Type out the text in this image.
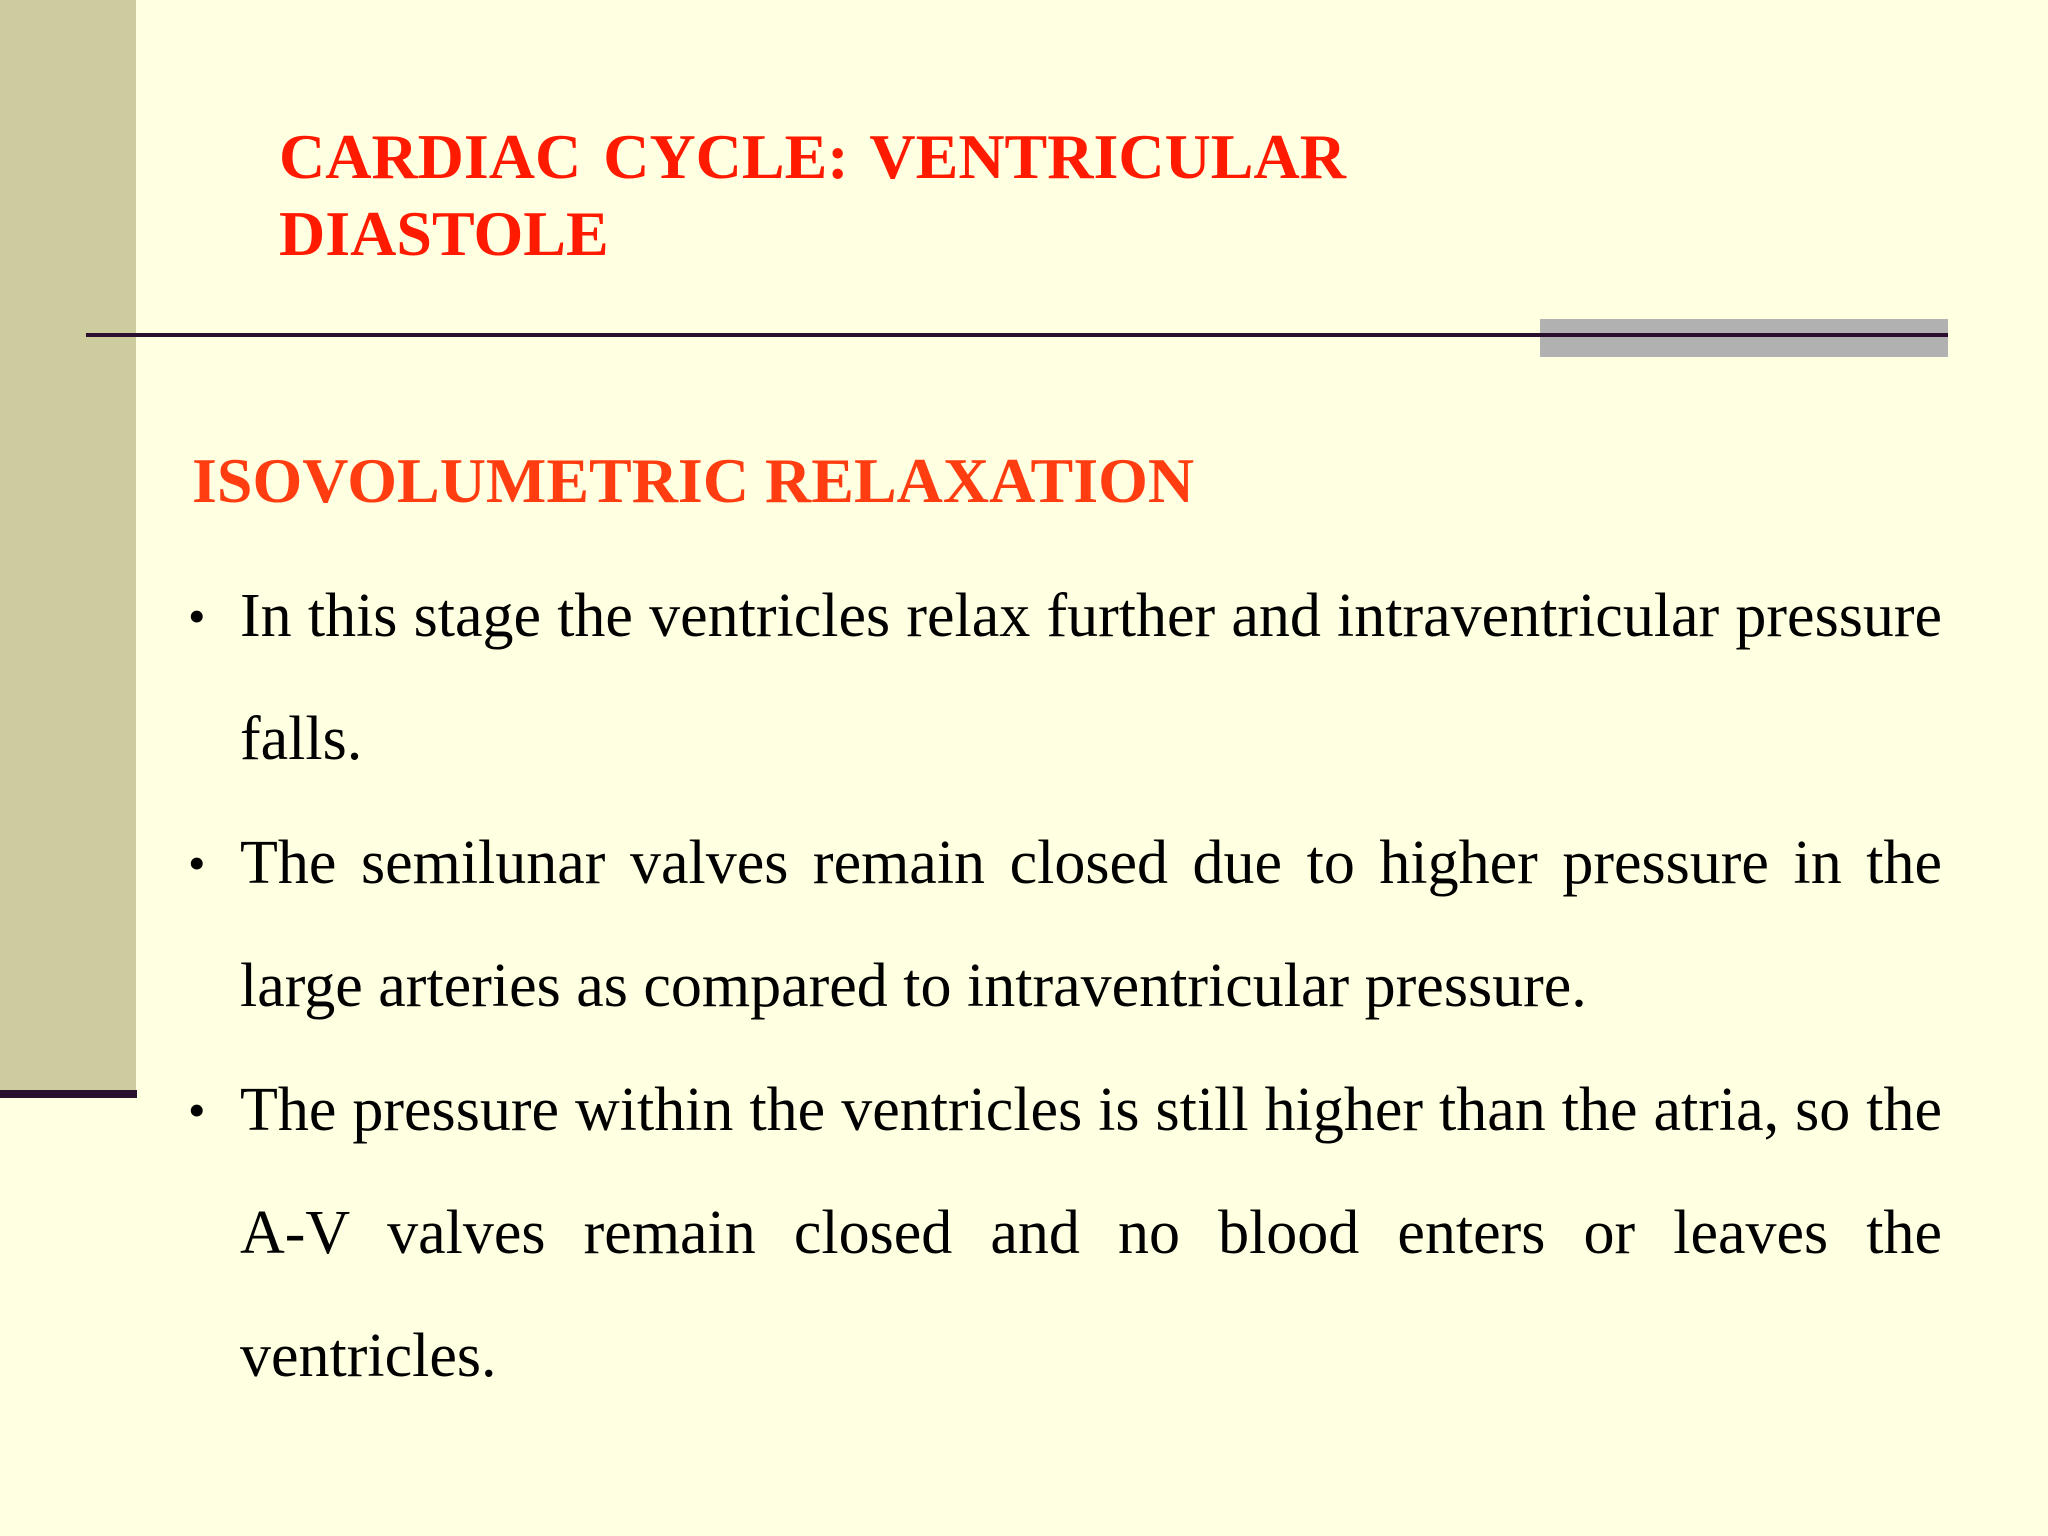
CARDIAC CYCLE: VENTRICULAR DIASTOLE
ISOVOLUMETRIC RELAXATION
• In this stage the ventricles relax further and intraventricular pressure falls.
• The semilunar valves remain closed due to higher pressure in the large arteries as compared to intraventricular pressure.
• The pressure within the ventricles is still higher than the atria, so the A-V valves remain closed and no blood enters or leaves the ventricles.
